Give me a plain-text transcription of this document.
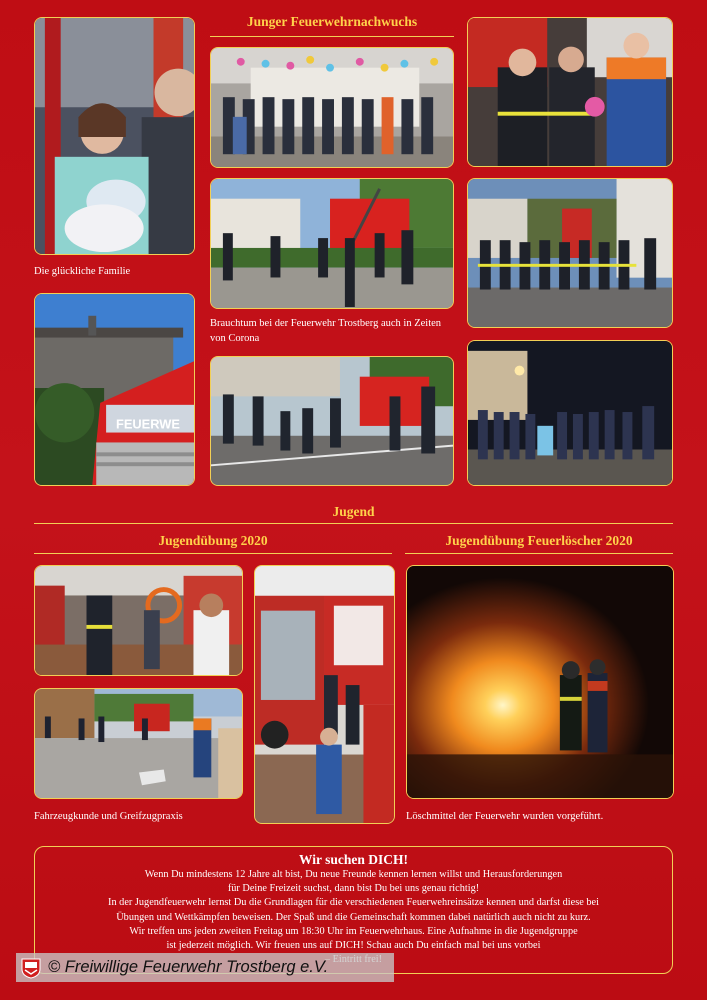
Junger Feuerwehrnachwuchs
Jugend
Jugendübung 2020	Jugendübung Feuerlöscher 2020
Die glückliche Familie
FEUERWE
Brauchtum bei der Feuerwehr Trostberg auch in Zeiten von Corona
Fahrzeugkunde und Greifzugpraxis	Löschmittel der Feuerwehr wurden vorgeführt.
Wir suchen DICH!
Wenn Du mindestens 12 Jahre alt bist, Du neue Freunde kennen lernen willst und Herausforderungen
für Deine Freizeit suchst, dann bist Du bei uns genau richtig!
In der Jugendfeuerwehr lernst Du die Grundlagen für die verschiedenen Feuerwehreinsätze kennen und darfst diese bei
Übungen und Wettkämpfen beweisen. Der Spaß und die Gemeinschaft kommen dabei natürlich auch nicht zu kurz.
Wir treffen uns jeden zweiten Freitag um 18:30 Uhr im Feuerwehrhaus. Eine Aufnahme in die Jugendgruppe
ist jederzeit möglich. Wir freuen uns auf DICH! Schau auch Du einfach mal bei uns vorbei
© Freiwillige Feuerwehr Trostberg e.V.
